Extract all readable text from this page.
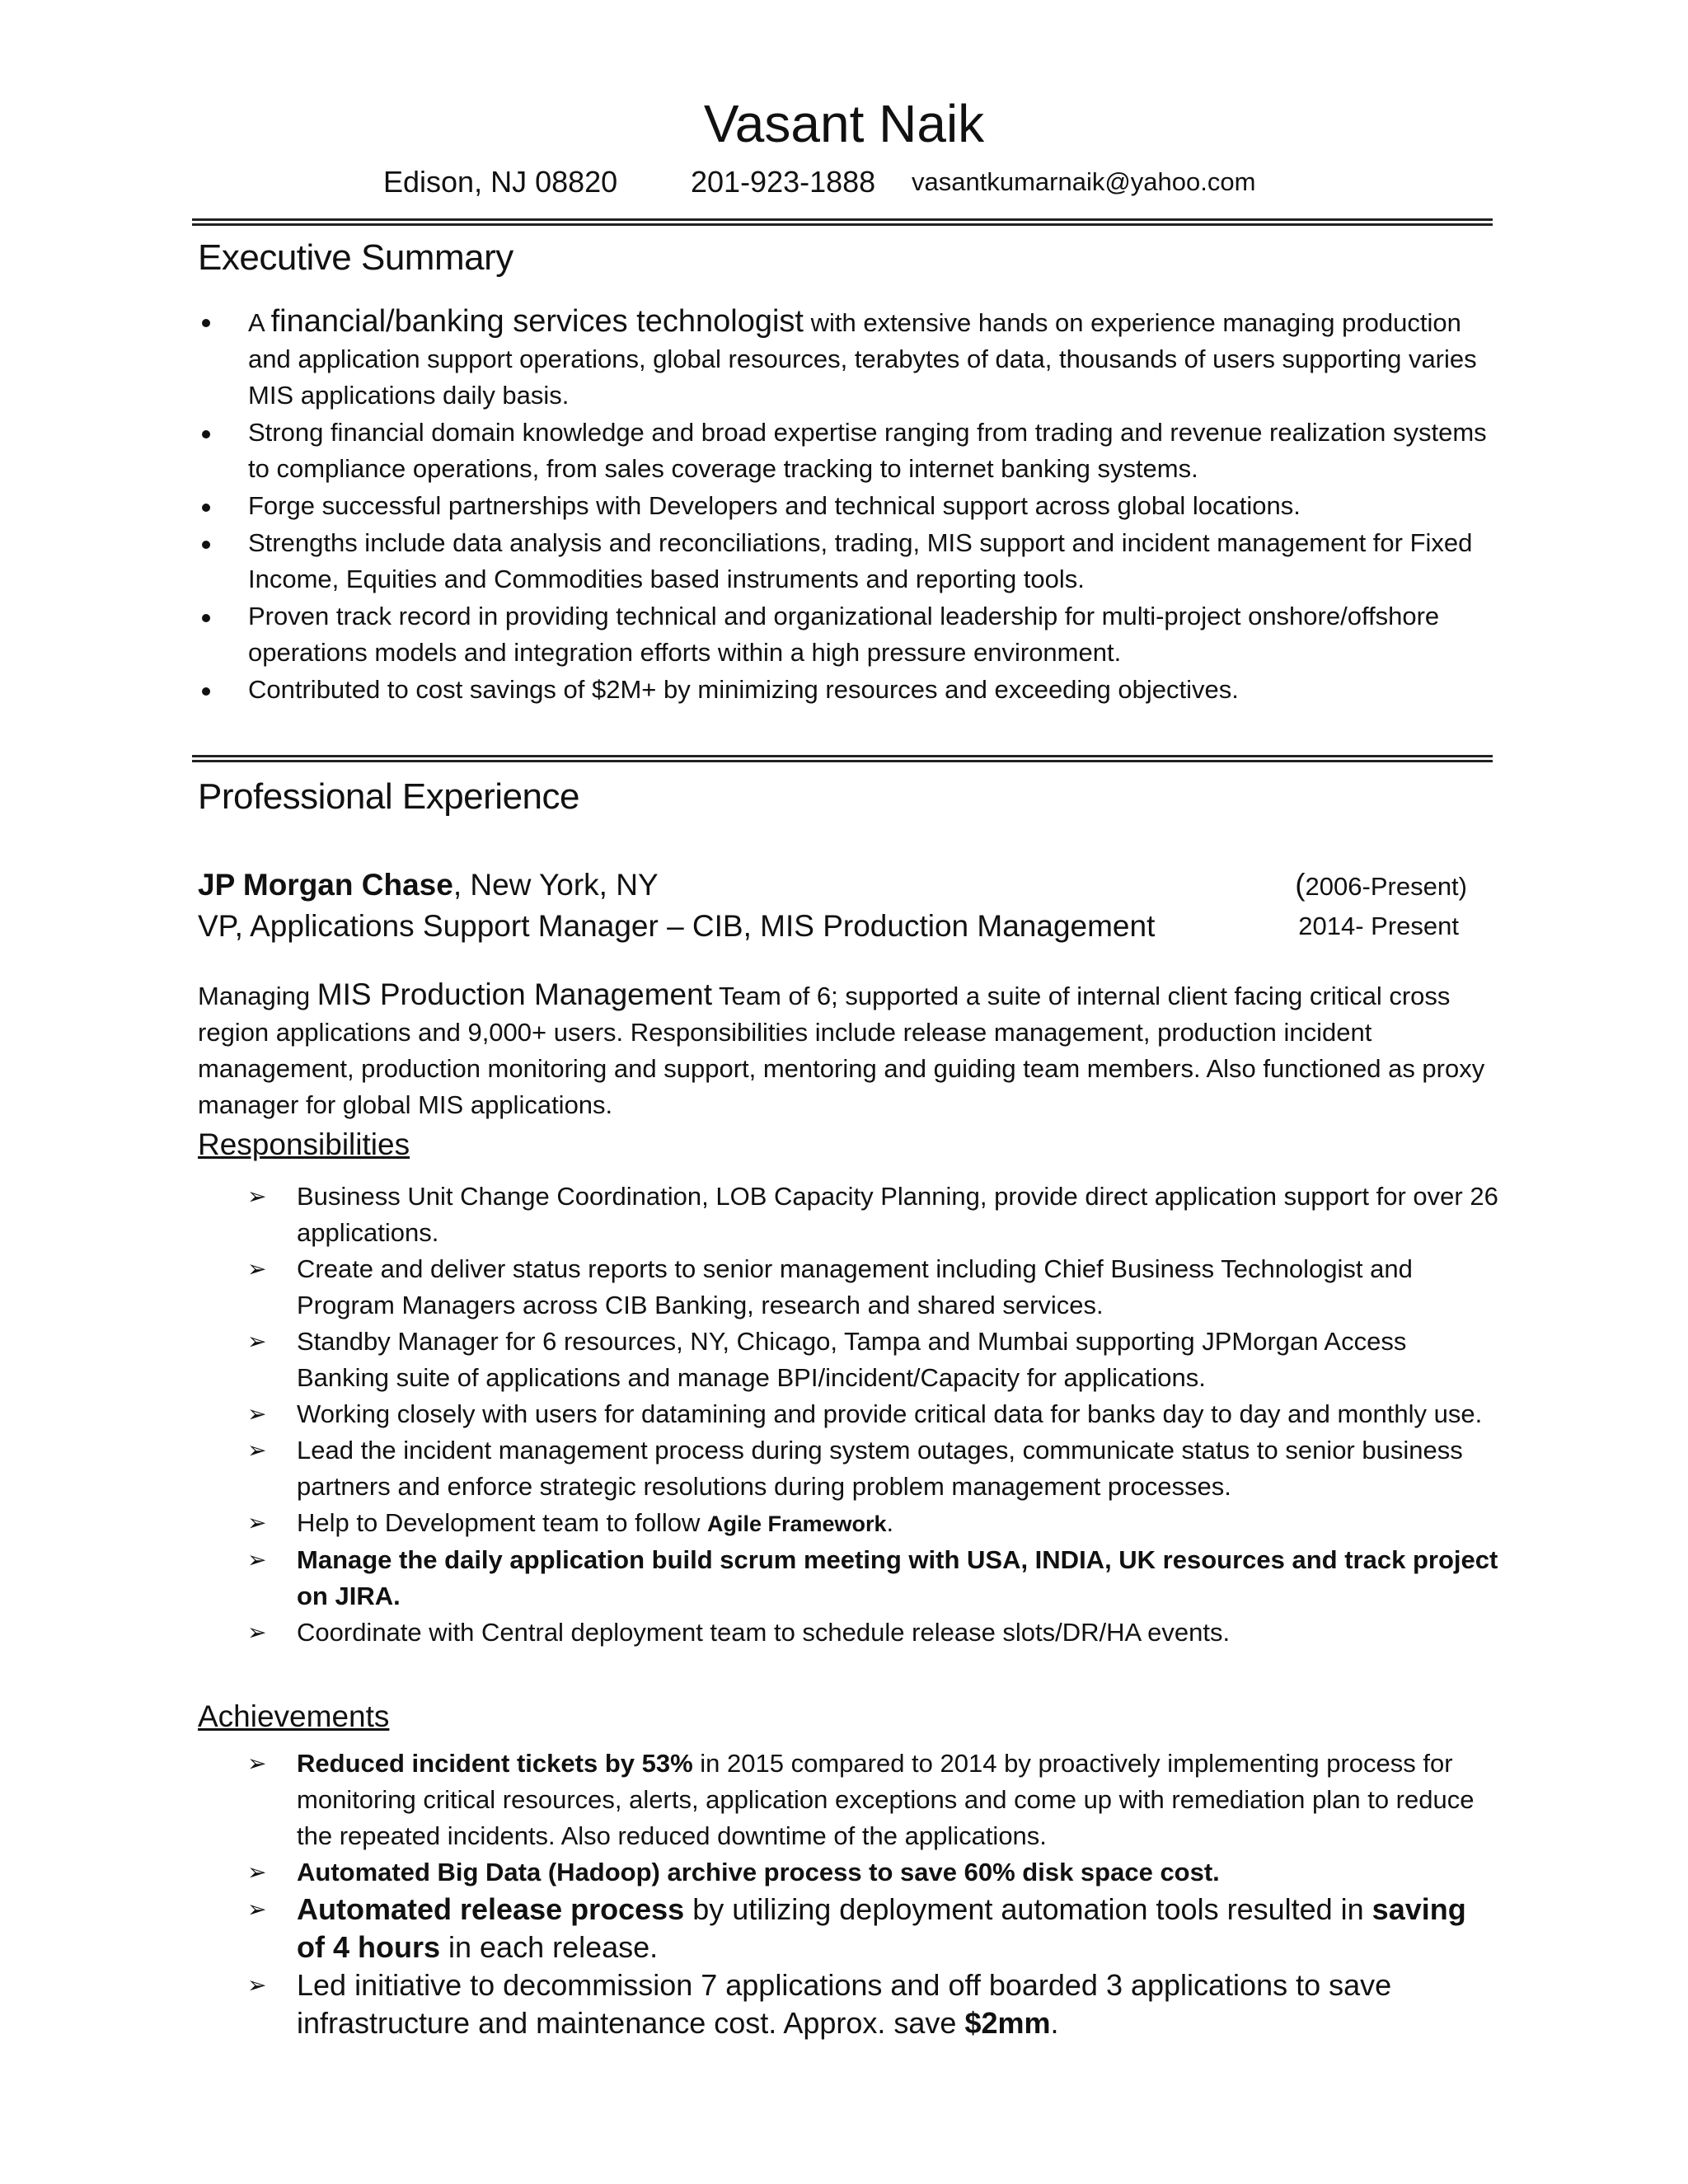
Vasant Naik
Edison, NJ 08820	201-923-1888	vasantkumarnaik@yahoo.com
Executive Summary
A financial/banking services technologist with extensive hands on experience managing production and application support operations, global resources, terabytes of data, thousands of users supporting varies MIS applications daily basis.
Strong financial domain knowledge and broad expertise ranging from trading and revenue realization systems to compliance operations, from sales coverage tracking to internet banking systems.
Forge successful partnerships with Developers and technical support across global locations.
Strengths include data analysis and reconciliations, trading, MIS support and incident management for Fixed Income, Equities and Commodities based instruments and reporting tools.
Proven track record in providing technical and organizational leadership for multi-project onshore/offshore operations models and integration efforts within a high pressure environment.
Contributed to cost savings of $2M+ by minimizing resources and exceeding objectives.
Professional Experience
JP Morgan Chase, New York, NY	(2006-Present)
VP, Applications Support Manager – CIB, MIS Production Management	2014- Present

Managing MIS Production Management Team of 6; supported a suite of internal client facing critical cross region applications and 9,000+ users. Responsibilities include release management, production incident management, production monitoring and support, mentoring and guiding team members. Also functioned as proxy manager for global MIS applications.

Responsibilities
➢ Business Unit Change Coordination, LOB Capacity Planning, provide direct application support for over 26 applications.
➢ Create and deliver status reports to senior management including Chief Business Technologist and Program Managers across CIB Banking, research and shared services.
➢ Standby Manager for 6 resources, NY, Chicago, Tampa and Mumbai supporting JPMorgan Access Banking suite of applications and manage BPI/incident/Capacity for applications.
➢ Working closely with users for datamining and provide critical data for banks day to day and monthly use.
➢ Lead the incident management process during system outages, communicate status to senior business partners and enforce strategic resolutions during problem management processes.
➢ Help to Development team to follow Agile Framework.
➢ Manage the daily application build scrum meeting with USA, INDIA, UK resources and track project on JIRA.
➢ Coordinate with Central deployment team to schedule release slots/DR/HA events.
Achievements
➢ Reduced incident tickets by 53% in 2015 compared to 2014 by proactively implementing process for monitoring critical resources, alerts, application exceptions and come up with remediation plan to reduce the repeated incidents. Also reduced downtime of the applications.
➢ Automated Big Data (Hadoop) archive process to save 60% disk space cost.
➢ Automated release process by utilizing deployment automation tools resulted in saving of 4 hours in each release.
➢ Led initiative to decommission 7 applications and off boarded 3 applications to save infrastructure and maintenance cost. Approx. save $2mm.
